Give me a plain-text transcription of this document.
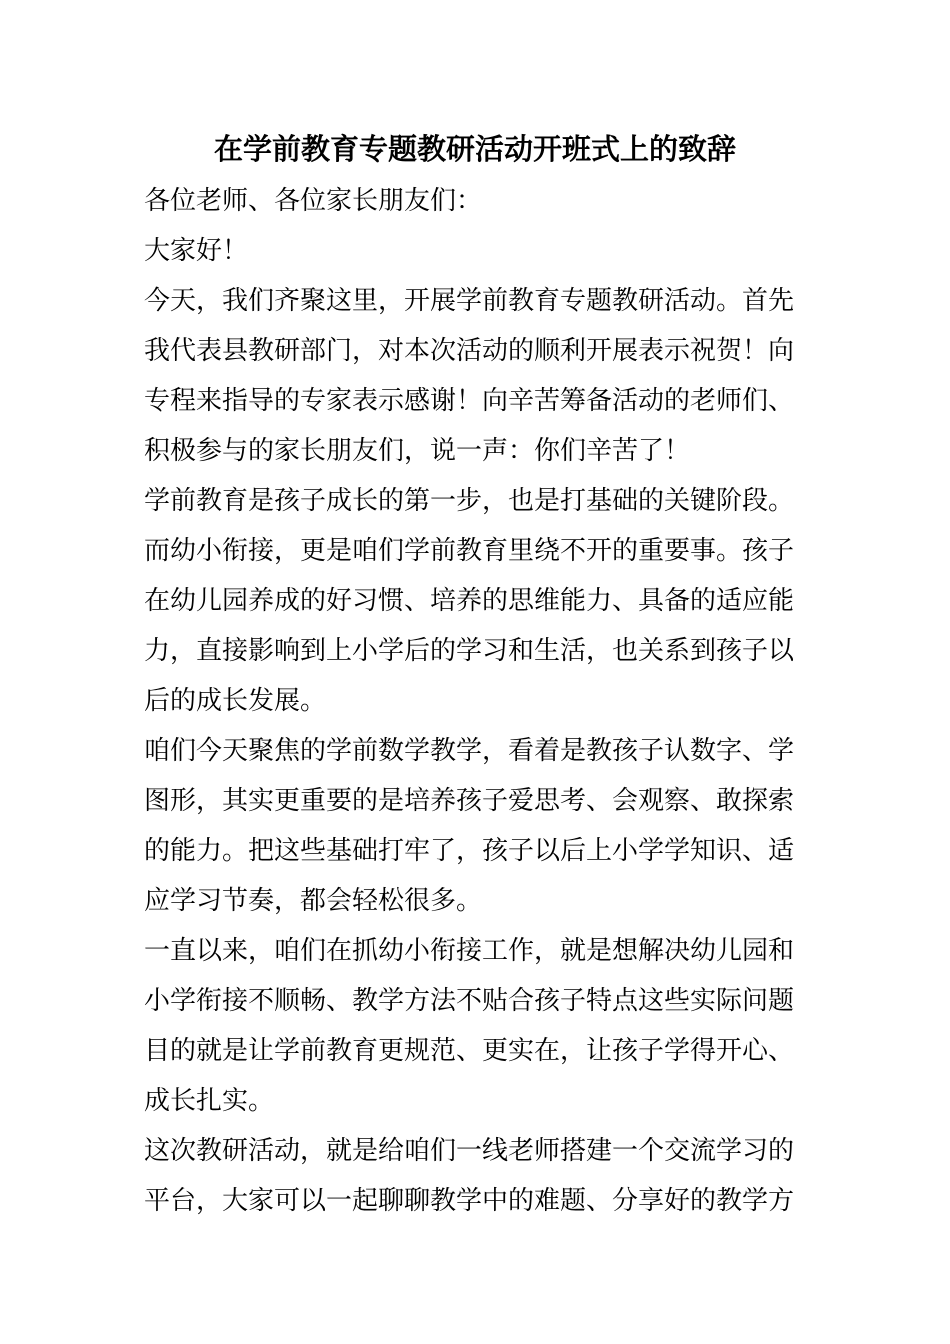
在学前教育专题教研活动开班式上的致辞
各位老师、各位家长朋友们：
大家好！
今天，我们齐聚这里，开展学前教育专题教研活动。首先
我代表县教研部门，对本次活动的顺利开展表示祝贺！向
专程来指导的专家表示感谢！向辛苦筹备活动的老师们、
积极参与的家长朋友们，说一声：你们辛苦了！
学前教育是孩子成长的第一步，也是打基础的关键阶段。
而幼小衔接，更是咱们学前教育里绕不开的重要事。孩子
在幼儿园养成的好习惯、培养的思维能力、具备的适应能
力，直接影响到上小学后的学习和生活，也关系到孩子以
后的成长发展。
咱们今天聚焦的学前数学教学，看着是教孩子认数字、学
图形，其实更重要的是培养孩子爱思考、会观察、敢探索
的能力。把这些基础打牢了，孩子以后上小学学知识、适
应学习节奏，都会轻松很多。
一直以来，咱们在抓幼小衔接工作，就是想解决幼儿园和
小学衔接不顺畅、教学方法不贴合孩子特点这些实际问题
目的就是让学前教育更规范、更实在，让孩子学得开心、
成长扎实。
这次教研活动，就是给咱们一线老师搭建一个交流学习的
平台，大家可以一起聊聊教学中的难题、分享好的教学方
